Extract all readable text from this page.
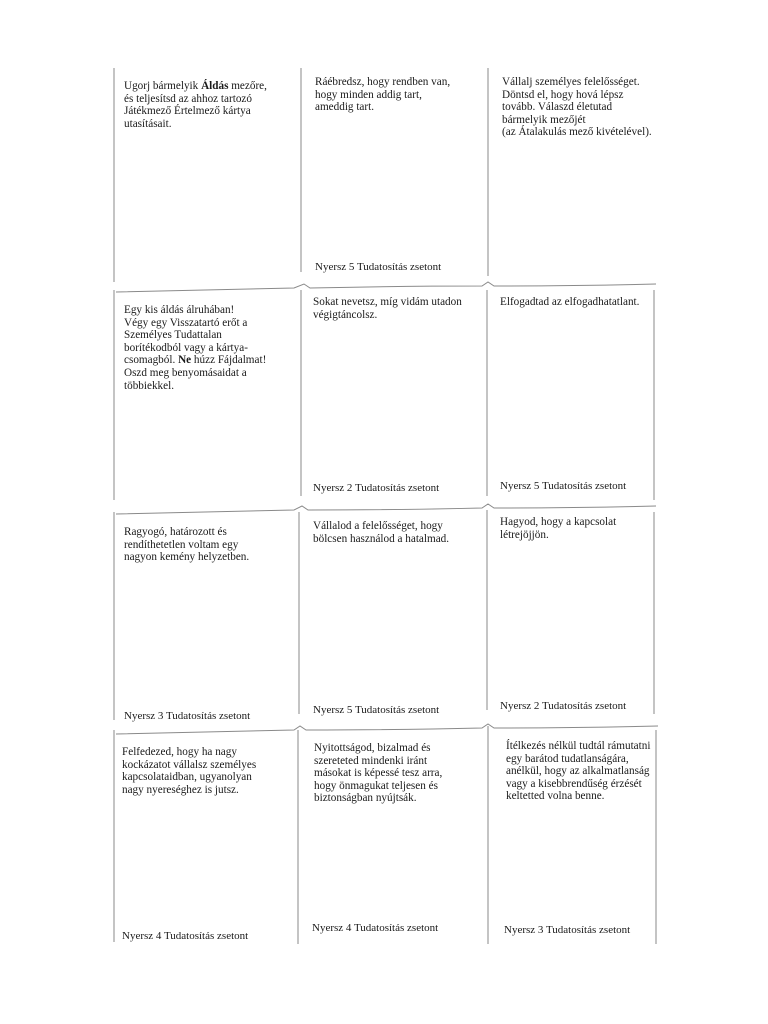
Ugorj bármelyik Áldás mezőre,
és teljesítsd az ahhoz tartozó
Játékmező Értelmező kártya
utasításait.
Ráébredsz, hogy rendben van,
hogy minden addig tart,
ameddig tart.
Nyersz 5 Tudatosítás zsetont
Vállalj személyes felelősséget.
Döntsd el, hogy hová lépsz
tovább. Válaszd életutad
bármelyik mezőjét
(az Átalakulás mező kivételével).
Egy kis áldás álruhában!
Végy egy Visszatartó erőt a
Személyes Tudattalan
borítékodból vagy a kártya-
csomagból. Ne húzz Fájdalmat!
Oszd meg benyomásaidat a
többiekkel.
Sokat nevetsz, míg vidám utadon
végigtáncolsz.
Nyersz 2 Tudatosítás zsetont
Elfogadtad az elfogadhatatlant.
Nyersz 5 Tudatosítás zsetont
Ragyogó, határozott és
rendíthetetlen voltam egy
nagyon kemény helyzetben.
Nyersz 3 Tudatosítás zsetont
Vállalod a felelősséget, hogy
bölcsen használod a hatalmad.
Nyersz 5 Tudatosítás zsetont
Hagyod, hogy a kapcsolat
létrejöjjön.
Nyersz 2 Tudatosítás zsetont
Felfedezed, hogy ha nagy
kockázatot vállalsz személyes
kapcsolataidban, ugyanolyan
nagy nyereséghez is jutsz.
Nyersz 4 Tudatosítás zsetont
Nyitottságod, bizalmad és
szereteted mindenki iránt
másokat is képessé tesz arra,
hogy önmagukat teljesen és
biztonságban nyújtsák.
Nyersz 4 Tudatosítás zsetont
Ítélkezés nélkül tudtál rámutatni
egy barátod tudatlanságára,
anélkül, hogy az alkalmatlanság
vagy a kisebbrendűség érzését
keltetted volna benne.
Nyersz 3 Tudatosítás zsetont
